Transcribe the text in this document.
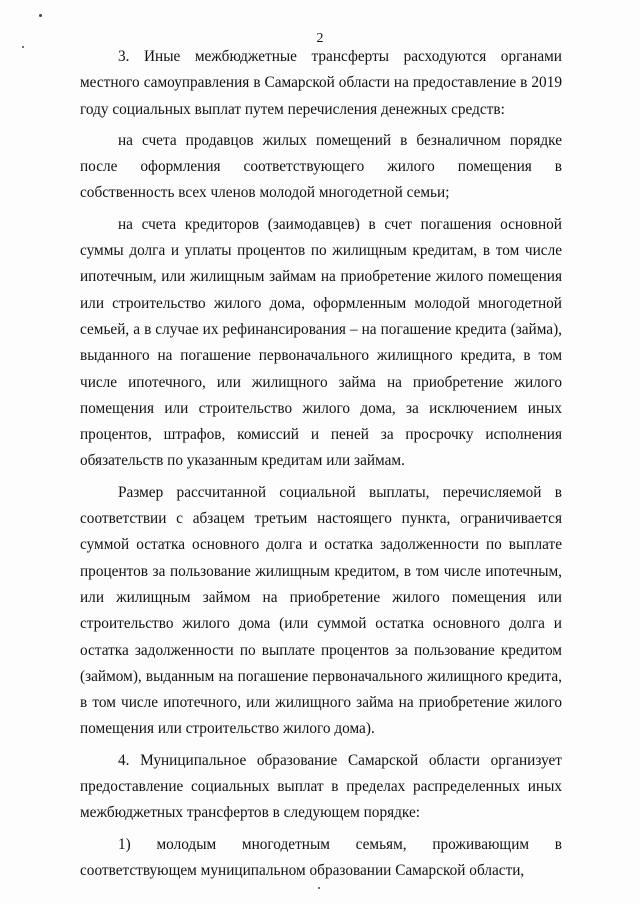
2

3. Иные межбюджетные трансферты расходуются органами местного самоуправления в Самарской области на предоставление в 2019 году социальных выплат путем перечисления денежных средств:

на счета продавцов жилых помещений в безналичном порядке после оформления соответствующего жилого помещения в собственность всех членов молодой многодетной семьи;

на счета кредиторов (заимодавцев) в счет погашения основной суммы долга и уплаты процентов по жилищным кредитам, в том числе ипотечным, или жилищным займам на приобретение жилого помещения или строительство жилого дома, оформленным молодой многодетной семьей, а в случае их рефинансирования – на погашение кредита (займа), выданного на погашение первоначального жилищного кредита, в том числе ипотечного, или жилищного займа на приобретение жилого помещения или строительство жилого дома, за исключением иных процентов, штрафов, комиссий и пеней за просрочку исполнения обязательств по указанным кредитам или займам.

Размер рассчитанной социальной выплаты, перечисляемой в соответствии с абзацем третьим настоящего пункта, ограничивается суммой остатка основного долга и остатка задолженности по выплате процентов за пользование жилищным кредитом, в том числе ипотечным, или жилищным займом на приобретение жилого помещения или строительство жилого дома (или суммой остатка основного долга и остатка задолженности по выплате процентов за пользование кредитом (займом), выданным на погашение первоначального жилищного кредита, в том числе ипотечного, или жилищного займа на приобретение жилого помещения или строительство жилого дома).

4. Муниципальное образование Самарской области организует предоставление социальных выплат в пределах распределенных иных межбюджетных трансфертов в следующем порядке:

1) молодым многодетным семьям, проживающим в соответствующем муниципальном образовании Самарской области,
